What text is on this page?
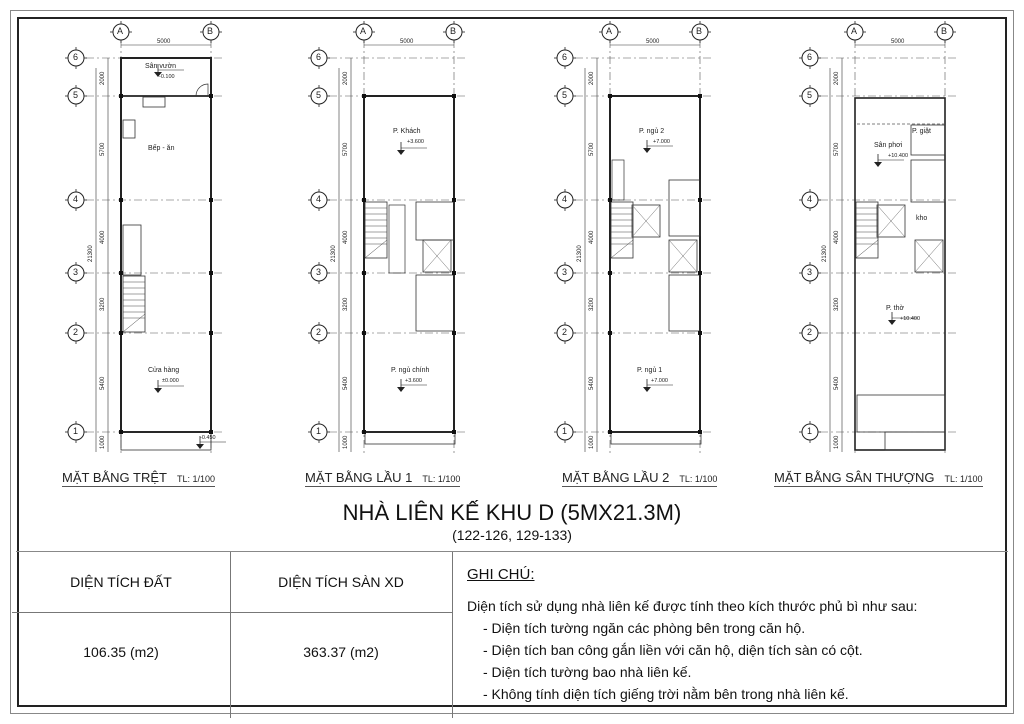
A	B
6
5
4
3
2
1
5000
2000
5700
4000
3200
5400
1000
21300
Sân vườn
-0.100
Bếp - ăn
Cửa hàng
±0.000
-0.450
A	B
6
5
4
3
2
1
5000
2000
5700
4000
3200
5400
1000
21300
P. Khách
+3.600
P. ngủ chính
+3.600
A	B
6
5
4
3
2
1
5000
2000
5700
4000
3200
5400
1000
21300
P. ngủ 2
+7.000
P. ngủ 1
+7.000
A	B
6
5
4
3
2
1
5000
2000
5700
4000
3200
5400
1000
21300
Sân phơi
+10.400
P. giặt
kho
P. thờ
+10.400
MẶT BẰNG TRỆT TL: 1/100	MẶT BẰNG LẦU 1 TL: 1/100	MẶT BẰNG LẦU 2 TL: 1/100	MẶT BẰNG SÂN THƯỢNG TL: 1/100
NHÀ LIÊN KẾ KHU D (5MX21.3M)
(122-126, 129-133)
DIỆN TÍCH ĐẤT	DIỆN TÍCH SÀN XD
106.35 (m2)	363.37 (m2)
GHI CHÚ:
Diện tích sử dụng nhà liên kế được tính theo kích thước phủ bì như sau:
- Diện tích tường ngăn các phòng bên trong căn hộ.
- Diện tích ban công gắn liền với căn hộ, diện tích sàn có cột.
- Diện tích tường bao nhà liên kế.
- Không tính diện tích giếng trời nằm bên trong nhà liên kế.
